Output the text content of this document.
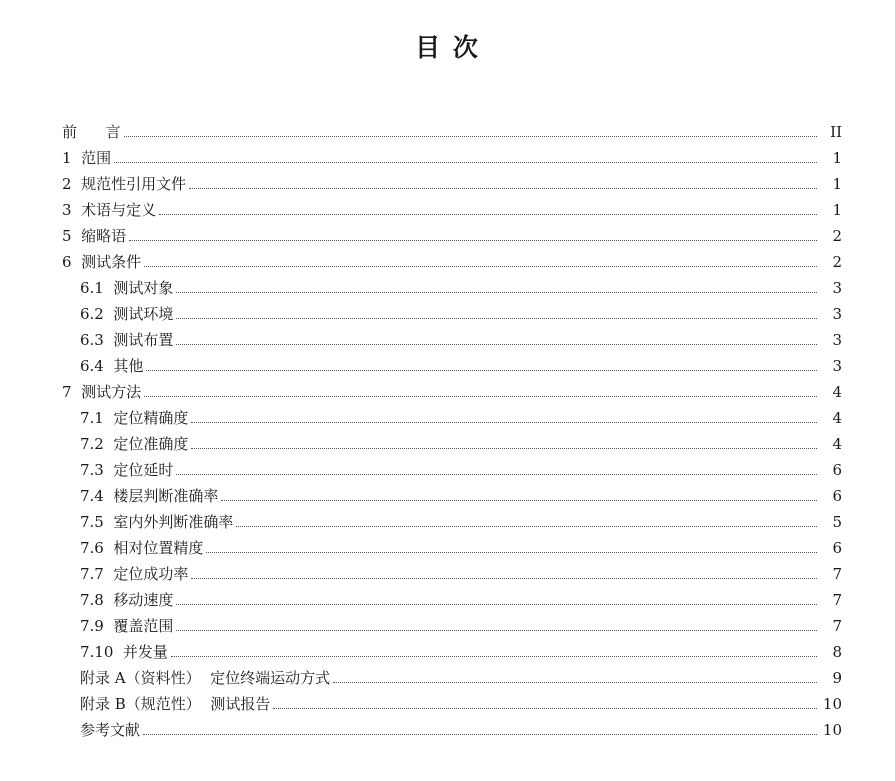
目 次
前      言	II
1  范围	1
2  规范性引用文件	1
3  术语与定义	1
5  缩略语	2
6  测试条件	2
6.1  测试对象	3
6.2  测试环境	3
6.3  测试布置	3
6.4  其他	3
7  测试方法	4
7.1  定位精确度	4
7.2  定位准确度	4
7.3  定位延时	6
7.4  楼层判断准确率	6
7.5  室内外判断准确率	5
7.6  相对位置精度	6
7.7  定位成功率	7
7.8  移动速度	7
7.9  覆盖范围	7
7.10  并发量	8
附录 A（资料性）  定位终端运动方式	9
附录 B（规范性）  测试报告	10
参考文献	10
